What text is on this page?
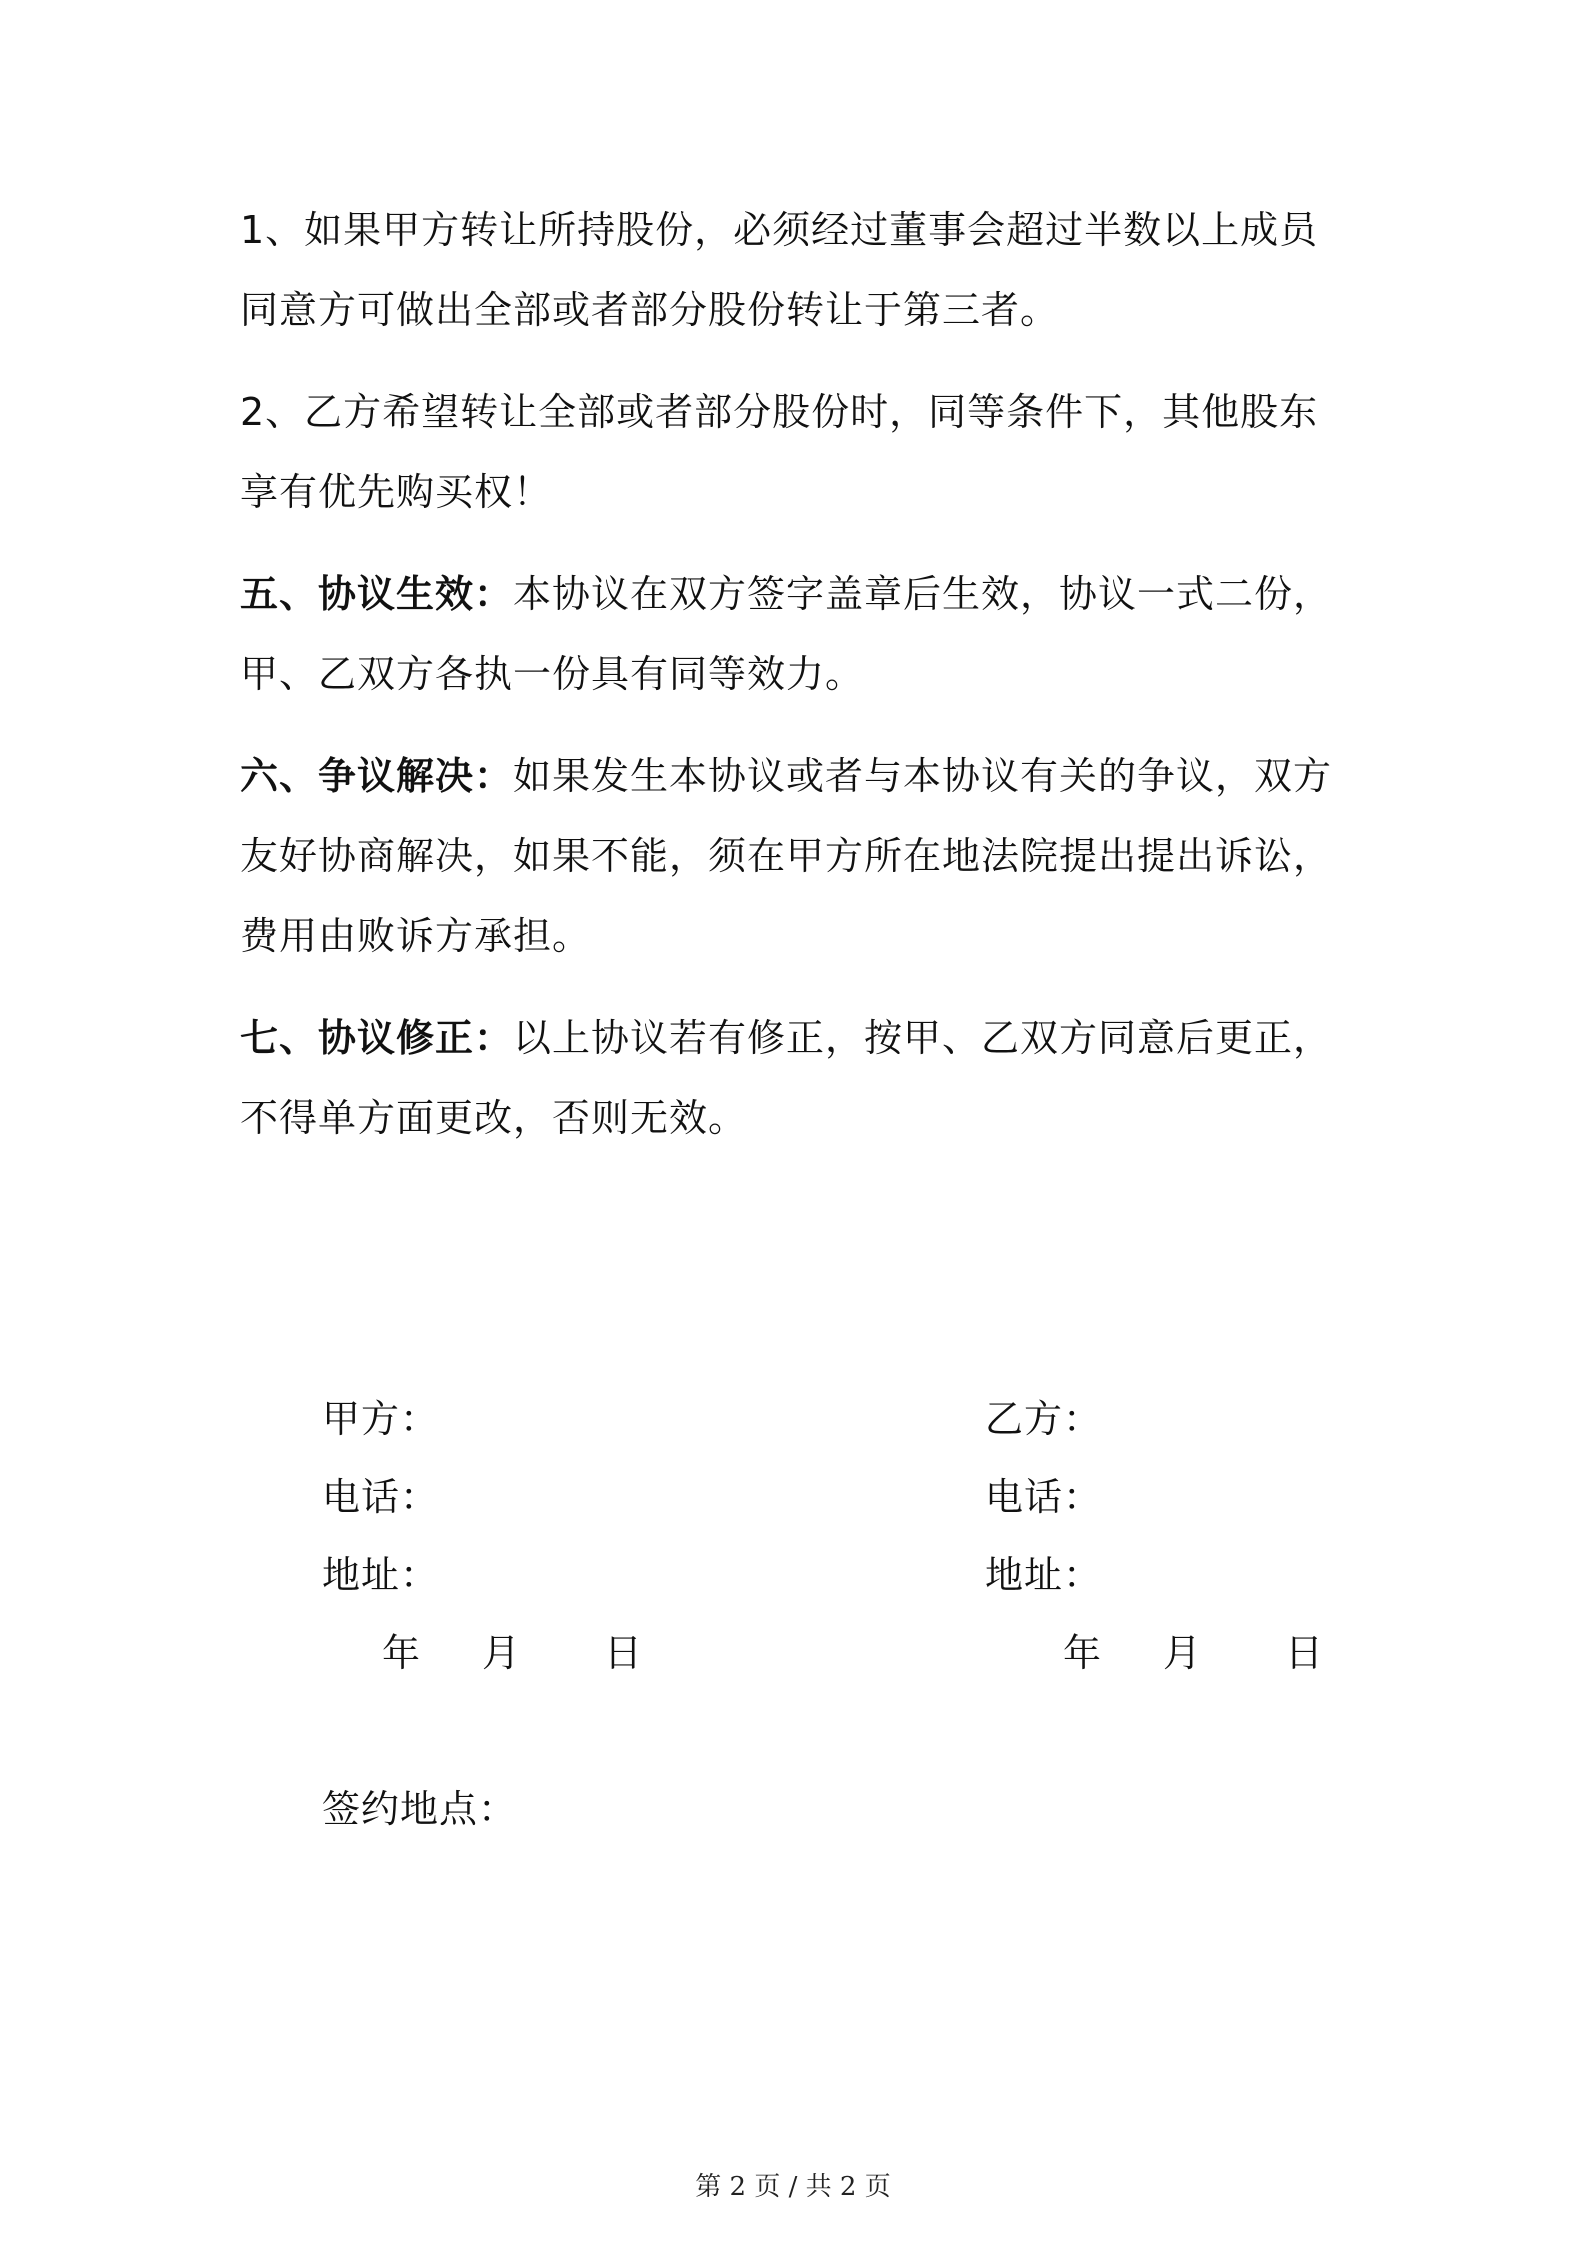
1、如果甲方转让所持股份，必须经过董事会超过半数以上成员同意方可做出全部或者部分股份转让于第三者。

2、乙方希望转让全部或者部分股份时，同等条件下，其他股东享有优先购买权！

五、协议生效：本协议在双方签字盖章后生效，协议一式二份，甲、乙双方各执一份具有同等效力。

六、争议解决：如果发生本协议或者与本协议有关的争议，双方友好协商解决，如果不能，须在甲方所在地法院提出提出诉讼，费用由败诉方承担。

七、协议修正：以上协议若有修正，按甲、乙双方同意后更正，不得单方面更改，否则无效。

甲方：
电话：
地址：
乙方：
电话：
地址：
年 月 日	年 月 日
签约地点：
第 2 页 / 共 2 页
